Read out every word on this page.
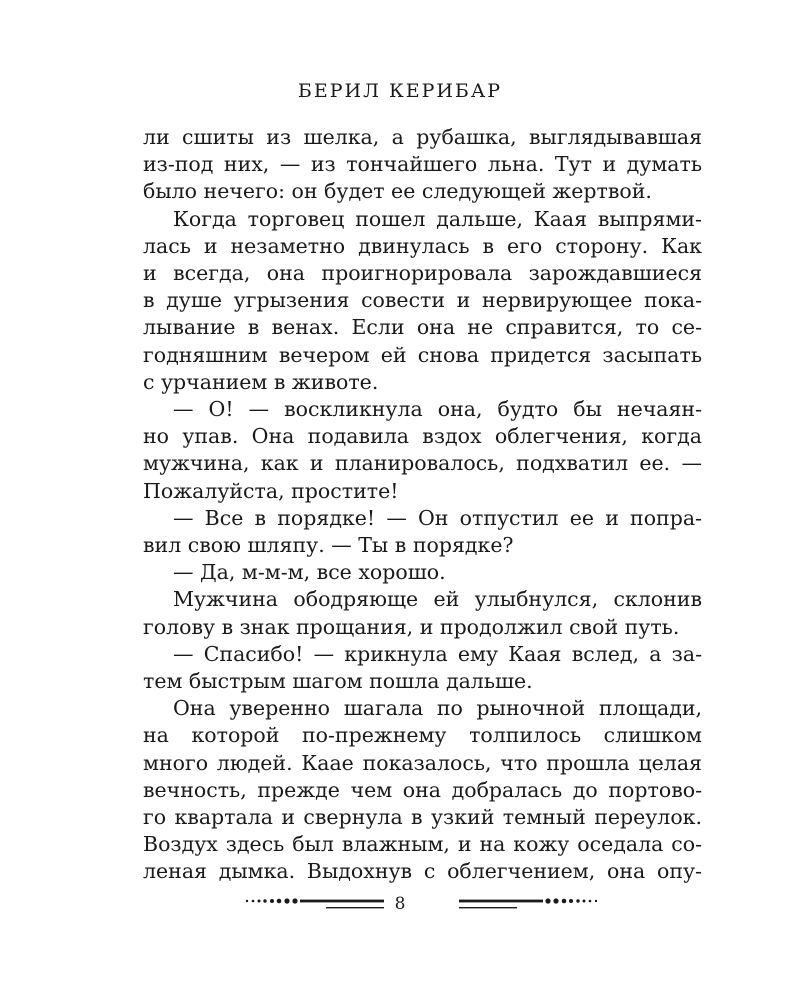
БЕРИЛ КЕРИБАР
ли сшиты из шелка, а рубашка, выглядывавшая
из-под них, — из тончайшего льна. Тут и думать
было нечего: он будет ее следующей жертвой.
Когда торговец пошел дальше, Каая выпрями-
лась и незаметно двинулась в его сторону. Как
и всегда, она проигнорировала зарождавшиеся
в душе угрызения совести и нервирующее пока-
лывание в венах. Если она не справится, то се-
годняшним вечером ей снова придется засыпать
с урчанием в животе.
— О! — воскликнула она, будто бы нечаян-
но упав. Она подавила вздох облегчения, когда
мужчина, как и планировалось, подхватил ее. —
Пожалуйста, простите!
— Все в порядке! — Он отпустил ее и попра-
вил свою шляпу. — Ты в порядке?
— Да, м-м-м, все хорошо.
Мужчина ободряюще ей улыбнулся, склонив
голову в знак прощания, и продолжил свой путь.
— Спасибо! — крикнула ему Каая вслед, а за-
тем быстрым шагом пошла дальше.
Она уверенно шагала по рыночной площади,
на которой по-прежнему толпилось слишком
много людей. Каае показалось, что прошла целая
вечность, прежде чем она добралась до портово-
го квартала и свернула в узкий темный переулок.
Воздух здесь был влажным, и на кожу оседала со-
леная дымка. Выдохнув с облегчением, она опу-
8
